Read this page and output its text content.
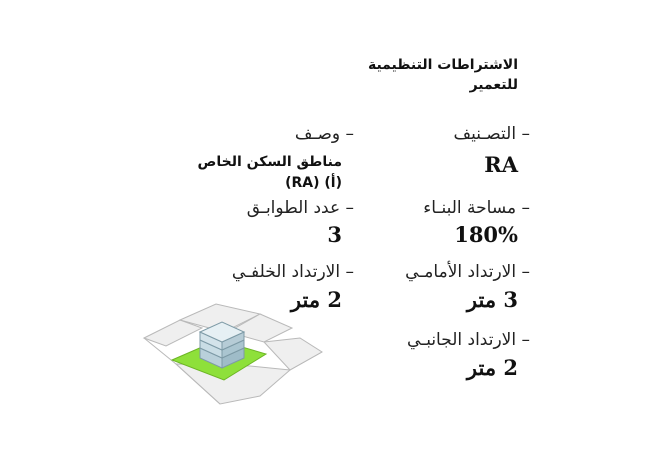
الاشتراطات التنظيمية
للتعمير
– التصـنيف
RA
– مساحة البنـاء
180%
– الارتداد الأمامـي
3 متر
– الارتداد الجانبـي
2 متر
– وصـف
مناطق السكن الخاص
(أ) (RA)
– عدد الطوابـق
3
– الارتداد الخلفـي
2 متر
